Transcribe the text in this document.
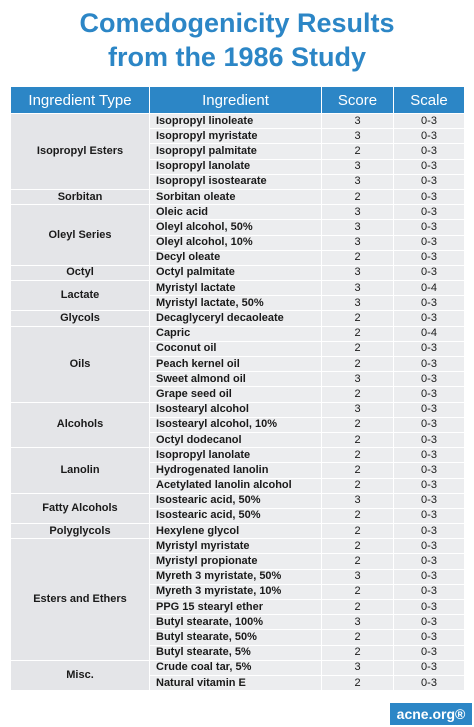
Comedogenicity Results
from the 1986 Study
Ingredient Type	Ingredient	Score	Scale
Isopropyl Esters	Isopropyl linoleate	3	0-3
	Isopropyl myristate	3	0-3
	Isopropyl palmitate	2	0-3
	Isopropyl lanolate	3	0-3
	Isopropyl isostearate	3	0-3
Sorbitan	Sorbitan oleate	2	0-3
Oleyl Series	Oleic acid	3	0-3
	Oleyl alcohol, 50%	3	0-3
	Oleyl alcohol, 10%	3	0-3
	Decyl oleate	2	0-3
Octyl	Octyl palmitate	3	0-3
Lactate	Myristyl lactate	3	0-4
	Myristyl lactate, 50%	3	0-3
Glycols	Decaglyceryl decaoleate	2	0-3
Oils	Capric	2	0-4
	Coconut oil	2	0-3
	Peach kernel oil	2	0-3
	Sweet almond oil	3	0-3
	Grape seed oil	2	0-3
Alcohols	Isostearyl alcohol	3	0-3
	Isostearyl alcohol, 10%	2	0-3
	Octyl dodecanol	2	0-3
Lanolin	Isopropyl lanolate	2	0-3
	Hydrogenated lanolin	2	0-3
	Acetylated lanolin alcohol	2	0-3
Fatty Alcohols	Isostearic acid, 50%	3	0-3
	Isostearic acid, 50%	2	0-3
Polyglycols	Hexylene glycol	2	0-3
Esters and Ethers	Myristyl myristate	2	0-3
	Myristyl propionate	2	0-3
	Myreth 3 myristate, 50%	3	0-3
	Myreth 3 myristate, 10%	2	0-3
	PPG 15 stearyl ether	2	0-3
	Butyl stearate, 100%	3	0-3
	Butyl stearate, 50%	2	0-3
	Butyl stearate, 5%	2	0-3
Misc.	Crude coal tar, 5%	3	0-3
	Natural vitamin E	2	0-3
acne.org®
